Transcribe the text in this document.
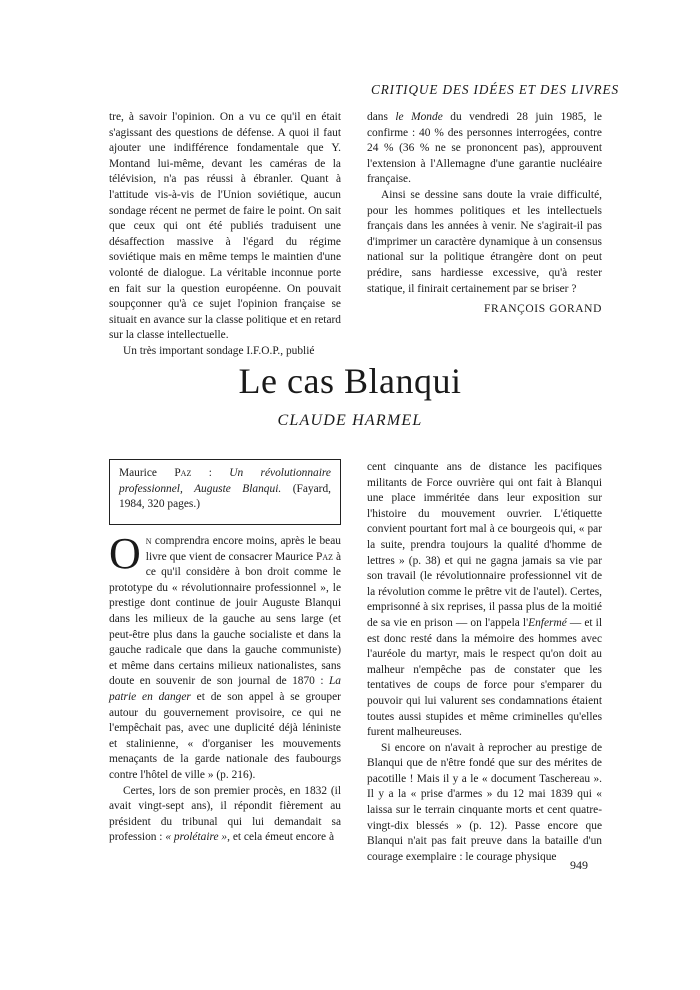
CRITIQUE DES IDÉES ET DES LIVRES

tre, à savoir l'opinion. On a vu ce qu'il en était s'agissant des questions de défense. A quoi il faut ajouter une indifférence fondamentale que Y. Montand lui-même, devant les caméras de la télévision, n'a pas réussi à ébranler. Quant à l'attitude vis-à-vis de l'Union soviétique, aucun sondage récent ne permet de faire le point. On sait que ceux qui ont été publiés traduisent une désaffection massive à l'égard du régime soviétique mais en même temps le maintien d'une volonté de dialogue. La véritable inconnue porte en fait sur la question européenne. On pouvait soupçonner qu'à ce sujet l'opinion française se situait en avance sur la classe politique et en retard sur la classe intellectuelle.

Un très important sondage I.F.O.P., publié

dans le Monde du vendredi 28 juin 1985, le confirme : 40 % des personnes interrogées, contre 24 % (36 % ne se prononcent pas), approuvent l'extension à l'Allemagne d'une garantie nucléaire française.

Ainsi se dessine sans doute la vraie difficulté, pour les hommes politiques et les intellectuels français dans les années à venir. Ne s'agirait-il pas d'imprimer un caractère dynamique à un consensus national sur la politique étrangère dont on peut prédire, sans hardiesse excessive, qu'à rester statique, il finirait certainement par se briser ?

FRANÇOIS GORAND
Le cas Blanqui
CLAUDE HARMEL

Maurice Paz : Un révolutionnaire professionnel, Auguste Blanqui. (Fayard, 1984, 320 pages.)

On comprendra encore moins, après le beau livre que vient de consacrer Maurice Paz à ce qu'il considère à bon droit comme le prototype du « révolutionnaire professionnel », le prestige dont continue de jouir Auguste Blanqui dans les milieux de la gauche au sens large (et peut-être plus dans la gauche socialiste et dans la gauche radicale que dans la gauche communiste) et même dans certains milieux nationalistes, sans doute en souvenir de son journal de 1870 : La patrie en danger et de son appel à se grouper autour du gouvernement provisoire, ce qui ne l'empêchait pas, avec une duplicité déjà léniniste et stalinienne, « d'organiser les mouvements menaçants de la garde nationale des faubourgs contre l'hôtel de ville » (p. 216).

Certes, lors de son premier procès, en 1832 (il avait vingt-sept ans), il répondit fièrement au président du tribunal qui lui demandait sa profession : « prolétaire », et cela émeut encore à

cent cinquante ans de distance les pacifiques militants de Force ouvrière qui ont fait à Blanqui une place imméritée dans leur exposition sur l'histoire du mouvement ouvrier. L'étiquette convient pourtant fort mal à ce bourgeois qui, « par la suite, prendra toujours la qualité d'homme de lettres » (p. 38) et qui ne gagna jamais sa vie par son travail (le révolutionnaire professionnel vit de la révolution comme le prêtre vit de l'autel). Certes, emprisonné à six reprises, il passa plus de la moitié de sa vie en prison — on l'appela l'Enfermé — et il est donc resté dans la mémoire des hommes avec l'auréole du martyr, mais le respect qu'on doit au malheur n'empêche pas de constater que les tentatives de coups de force pour s'emparer du pouvoir qui lui valurent ses condamnations étaient toutes aussi stupides et même criminelles qu'elles furent malheureuses.

Si encore on n'avait à reprocher au prestige de Blanqui que de n'être fondé que sur des mérites de pacotille ! Mais il y a le « document Taschereau ». Il y a la « prise d'armes » du 12 mai 1839 qui « laissa sur le terrain cinquante morts et cent quatre-vingt-dix blessés » (p. 12). Passe encore que Blanqui n'ait pas fait preuve dans la bataille d'un courage exemplaire : le courage physique

949
